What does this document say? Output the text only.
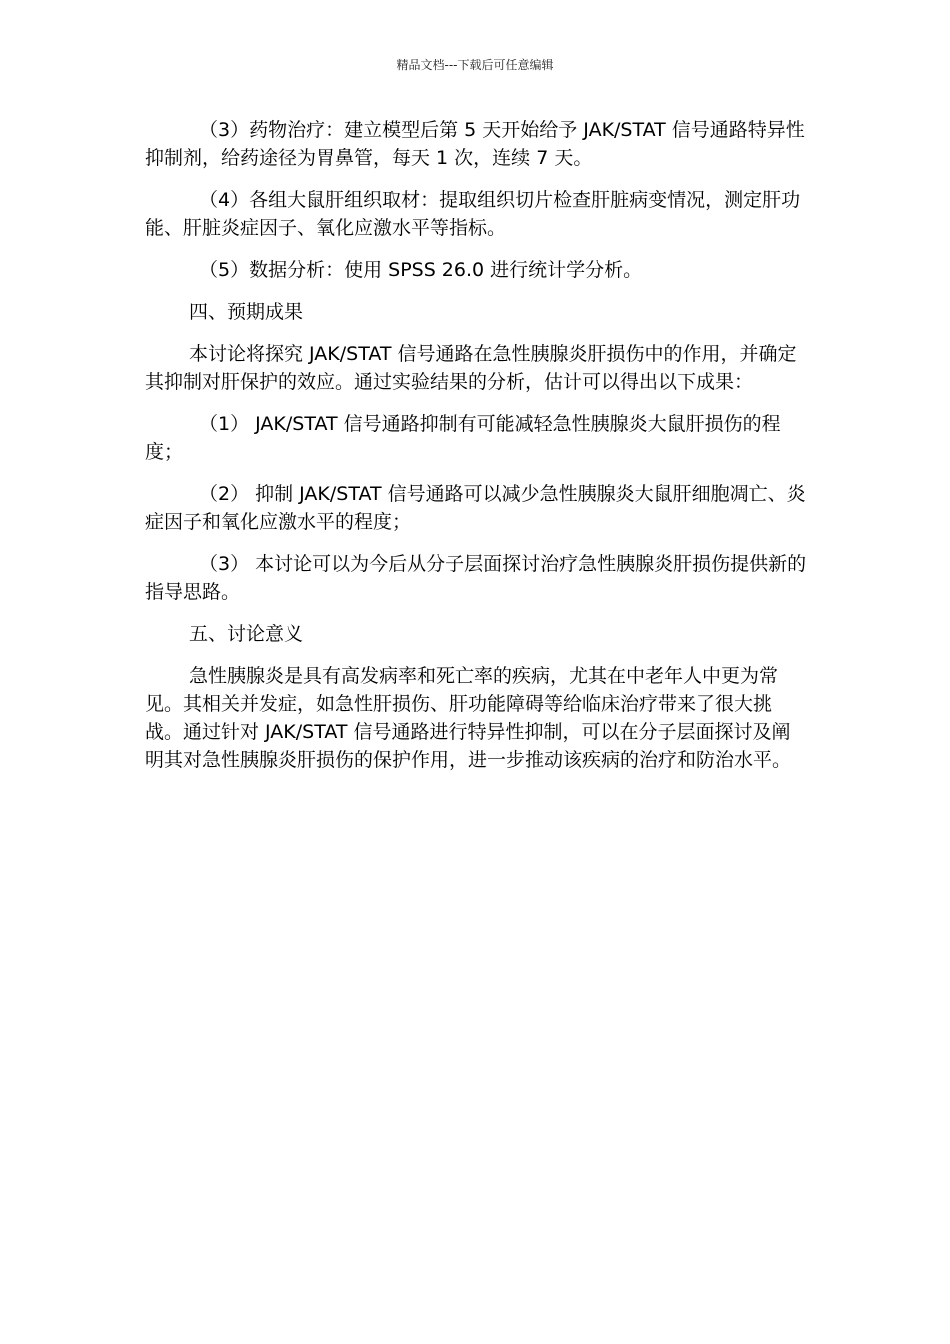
精品文档---下载后可任意编辑

（3）药物治疗：建立模型后第 5 天开始给予 JAK/STAT 信号通路特异性抑制剂，给药途径为胃鼻管，每天 1 次，连续 7 天。

（4）各组大鼠肝组织取材：提取组织切片检查肝脏病变情况，测定肝功能、肝脏炎症因子、氧化应激水平等指标。

（5）数据分析：使用 SPSS 26.0 进行统计学分析。

四、预期成果

本讨论将探究 JAK/STAT 信号通路在急性胰腺炎肝损伤中的作用，并确定其抑制对肝保护的效应。通过实验结果的分析，估计可以得出以下成果：

（1） JAK/STAT 信号通路抑制有可能减轻急性胰腺炎大鼠肝损伤的程度；

（2） 抑制 JAK/STAT 信号通路可以减少急性胰腺炎大鼠肝细胞凋亡、炎症因子和氧化应激水平的程度；

（3） 本讨论可以为今后从分子层面探讨治疗急性胰腺炎肝损伤提供新的指导思路。

五、讨论意义

急性胰腺炎是具有高发病率和死亡率的疾病，尤其在中老年人中更为常见。其相关并发症，如急性肝损伤、肝功能障碍等给临床治疗带来了很大挑战。通过针对 JAK/STAT 信号通路进行特异性抑制，可以在分子层面探讨及阐明其对急性胰腺炎肝损伤的保护作用，进一步推动该疾病的治疗和防治水平。
